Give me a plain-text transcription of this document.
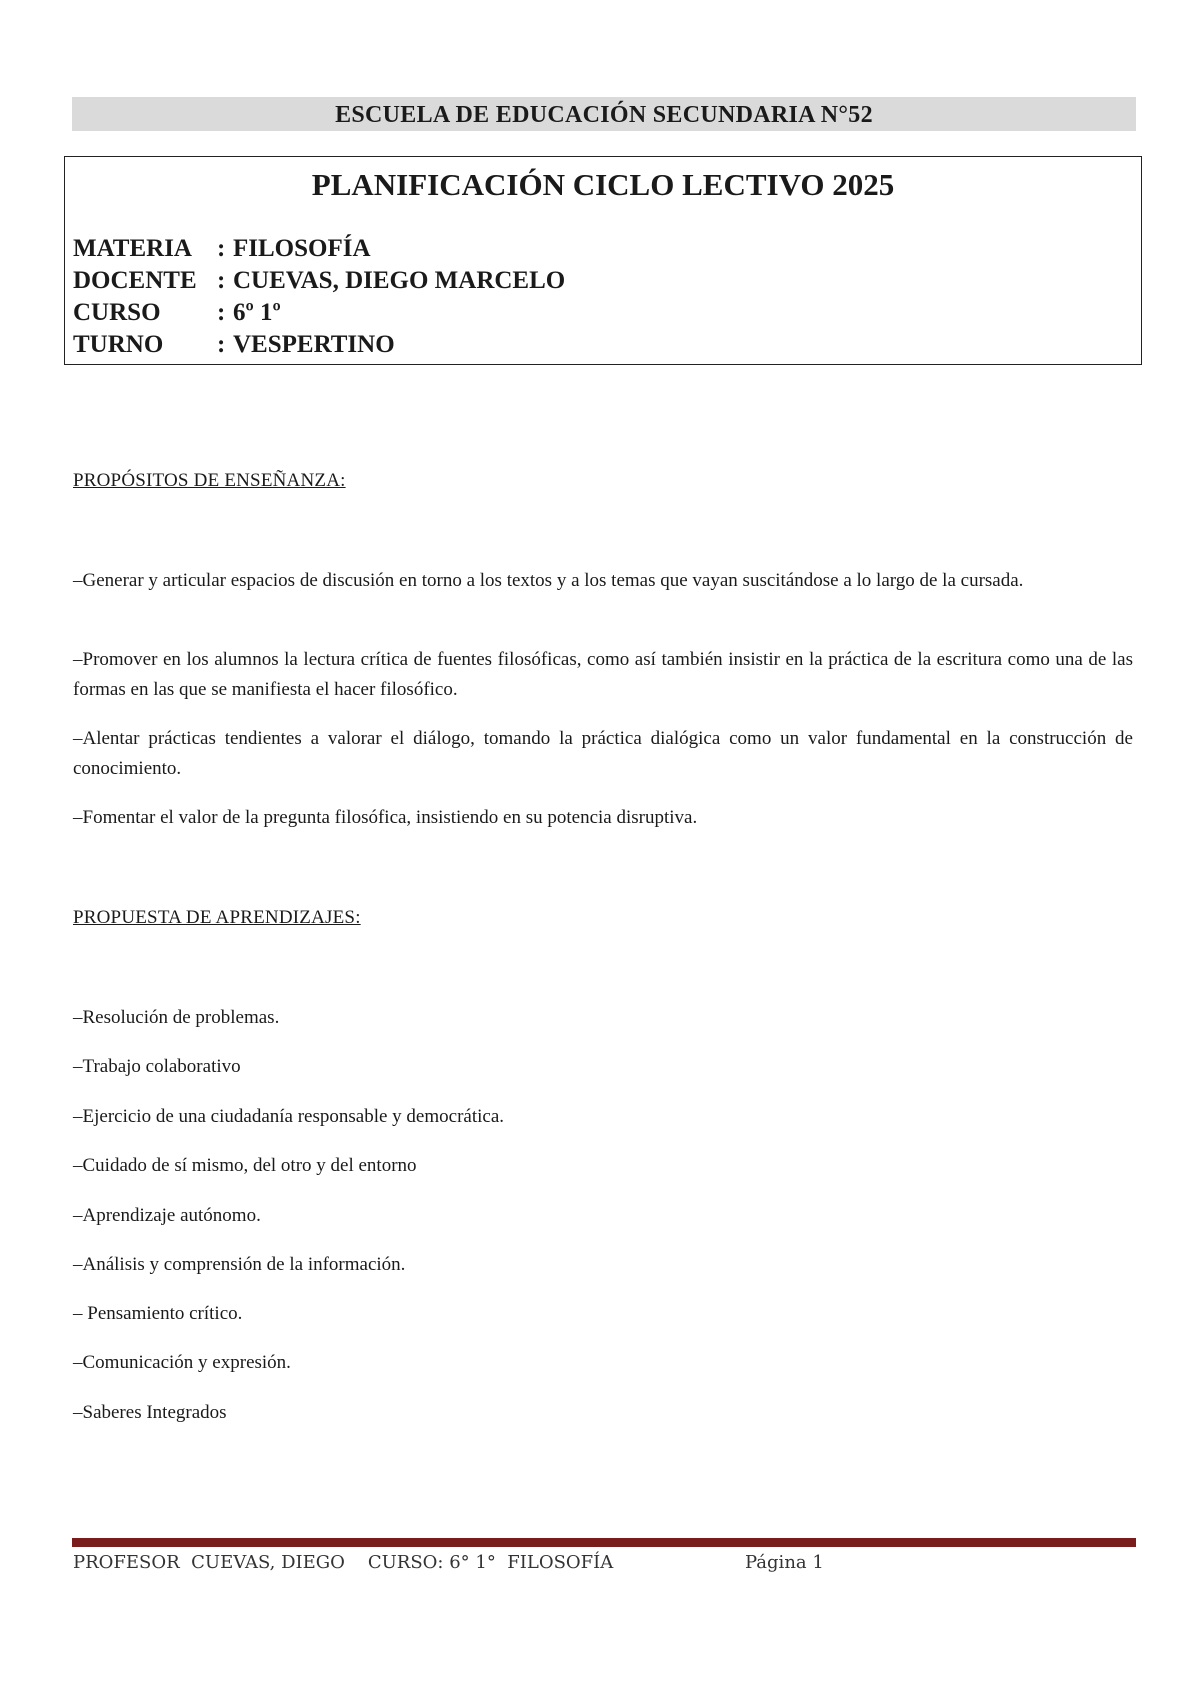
ESCUELA DE EDUCACIÓN SECUNDARIA N°52
PLANIFICACIÓN CICLO LECTIVO 2025
MATERIA : FILOSOFÍA
DOCENTE : CUEVAS, DIEGO MARCELO
CURSO : 6º 1º
TURNO : VESPERTINO
PROPÓSITOS DE ENSEÑANZA:
–Generar y articular espacios de discusión en torno a los textos y a los temas que vayan suscitándose a lo largo de la cursada.
–Promover en los alumnos la lectura crítica de fuentes filosóficas, como así también insistir en la práctica de la escritura como una de las formas en las que se manifiesta el hacer filosófico.
–Alentar prácticas tendientes a valorar el diálogo, tomando la práctica dialógica como un valor fundamental en la construcción de conocimiento.
–Fomentar el valor de la pregunta filosófica, insistiendo en su potencia disruptiva.
PROPUESTA DE APRENDIZAJES:
–Resolución de problemas.
–Trabajo colaborativo
–Ejercicio de una ciudadanía responsable y democrática.
–Cuidado de sí mismo, del otro y del entorno
–Aprendizaje autónomo.
–Análisis y comprensión de la información.
– Pensamiento crítico.
–Comunicación y expresión.
–Saberes Integrados
PROFESOR  CUEVAS, DIEGO    CURSO: 6° 1°  FILOSOFÍA	Página 1
